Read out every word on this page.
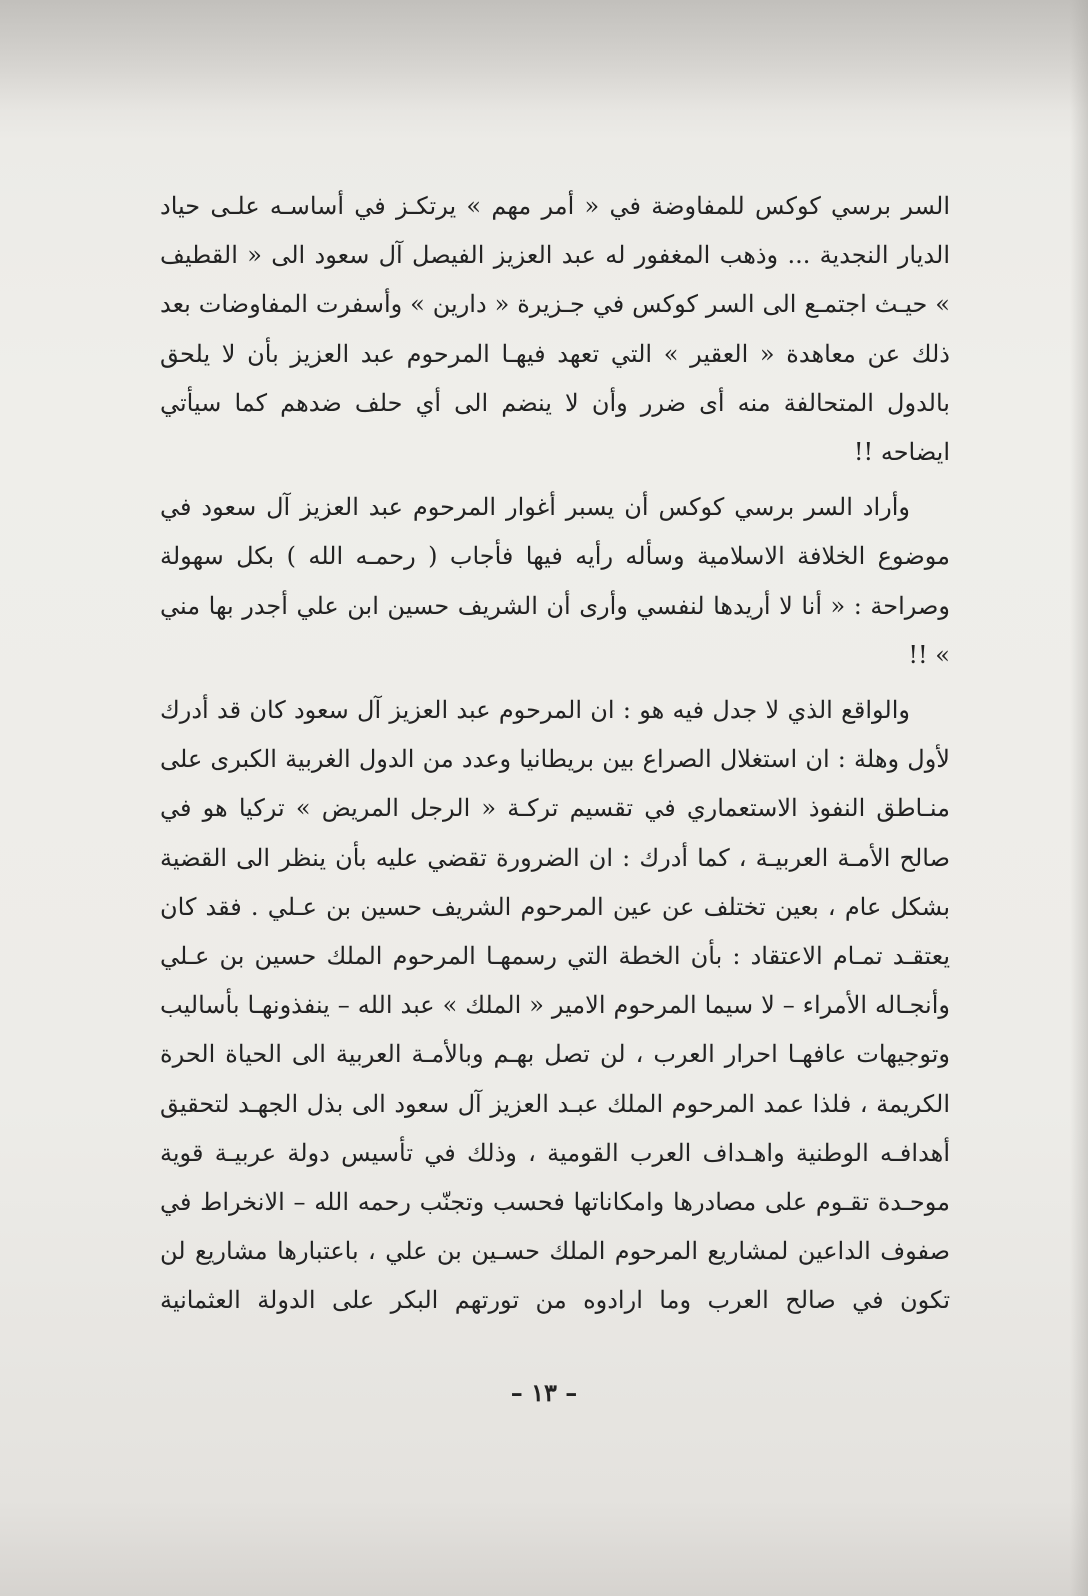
السر برسي كوكس للمفاوضة في « أمر مهم » يرتكـز في أساسـه علـى حياد الديار النجدية ... وذهب المغفور له عبد العزيز الفيصل آل سعود الى « القطيف » حيـث اجتمـع الى السر كوكس في جـزيرة « دارين » وأسفرت المفاوضات بعد ذلك عن معاهدة « العقير » التي تعهد فيهـا المرحوم عبد العزيز بأن لا يلحق بالدول المتحالفة منه أى ضرر وأن لا ينضم الى أي حلف ضدهم كما سيأتي ايضاحه !!

وأراد السر برسي كوكس أن يسبر أغوار المرحوم عبد العزيز آل سعود في موضوع الخلافة الاسلامية وسأله رأيه فيها فأجاب ( رحمـه الله ) بكل سهولة وصراحة : « أنا لا أريدها لنفسي وأرى أن الشريف حسين ابن علي أجدر بها مني » !!

والواقع الذي لا جدل فيه هو : ان المرحوم عبد العزيز آل سعود كان قد أدرك لأول وهلة : ان استغلال الصراع بين بريطانيا وعدد من الدول الغربية الكبرى على منـاطق النفوذ الاستعماري في تقسيم تركـة « الرجل المريض » تركيا هو في صالح الأمـة العربيـة ، كما أدرك : ان الضرورة تقضي عليه بأن ينظر الى القضية بشكل عام ، بعين تختلف عن عين المرحوم الشريف حسين بن عـلي . فقد كان يعتقـد تمـام الاعتقاد : بأن الخطة التي رسمهـا المرحوم الملك حسين بن عـلي وأنجـاله الأمراء – لا سيما المرحوم الامير « الملك » عبد الله – ينفذونهـا بأساليب وتوجيهات عافهـا احرار العرب ، لن تصل بهـم وبالأمـة العربية الى الحياة الحرة الكريمة ، فلذا عمد المرحوم الملك عبـد العزيز آل سعود الى بذل الجهـد لتحقيق أهدافـه الوطنية واهـداف العرب القومية ، وذلك في تأسيس دولة عربيـة قوية موحـدة تقـوم على مصادرها وامكاناتها فحسب وتجنّب رحمه الله – الانخراط في صفوف الداعين لمشاريع المرحوم الملك حسـين بن علي ، باعتبارها مشاريع لن تكون في صالح العرب وما ارادوه من تورتهم البكر على الدولة العثمانية

– ١٣ –
